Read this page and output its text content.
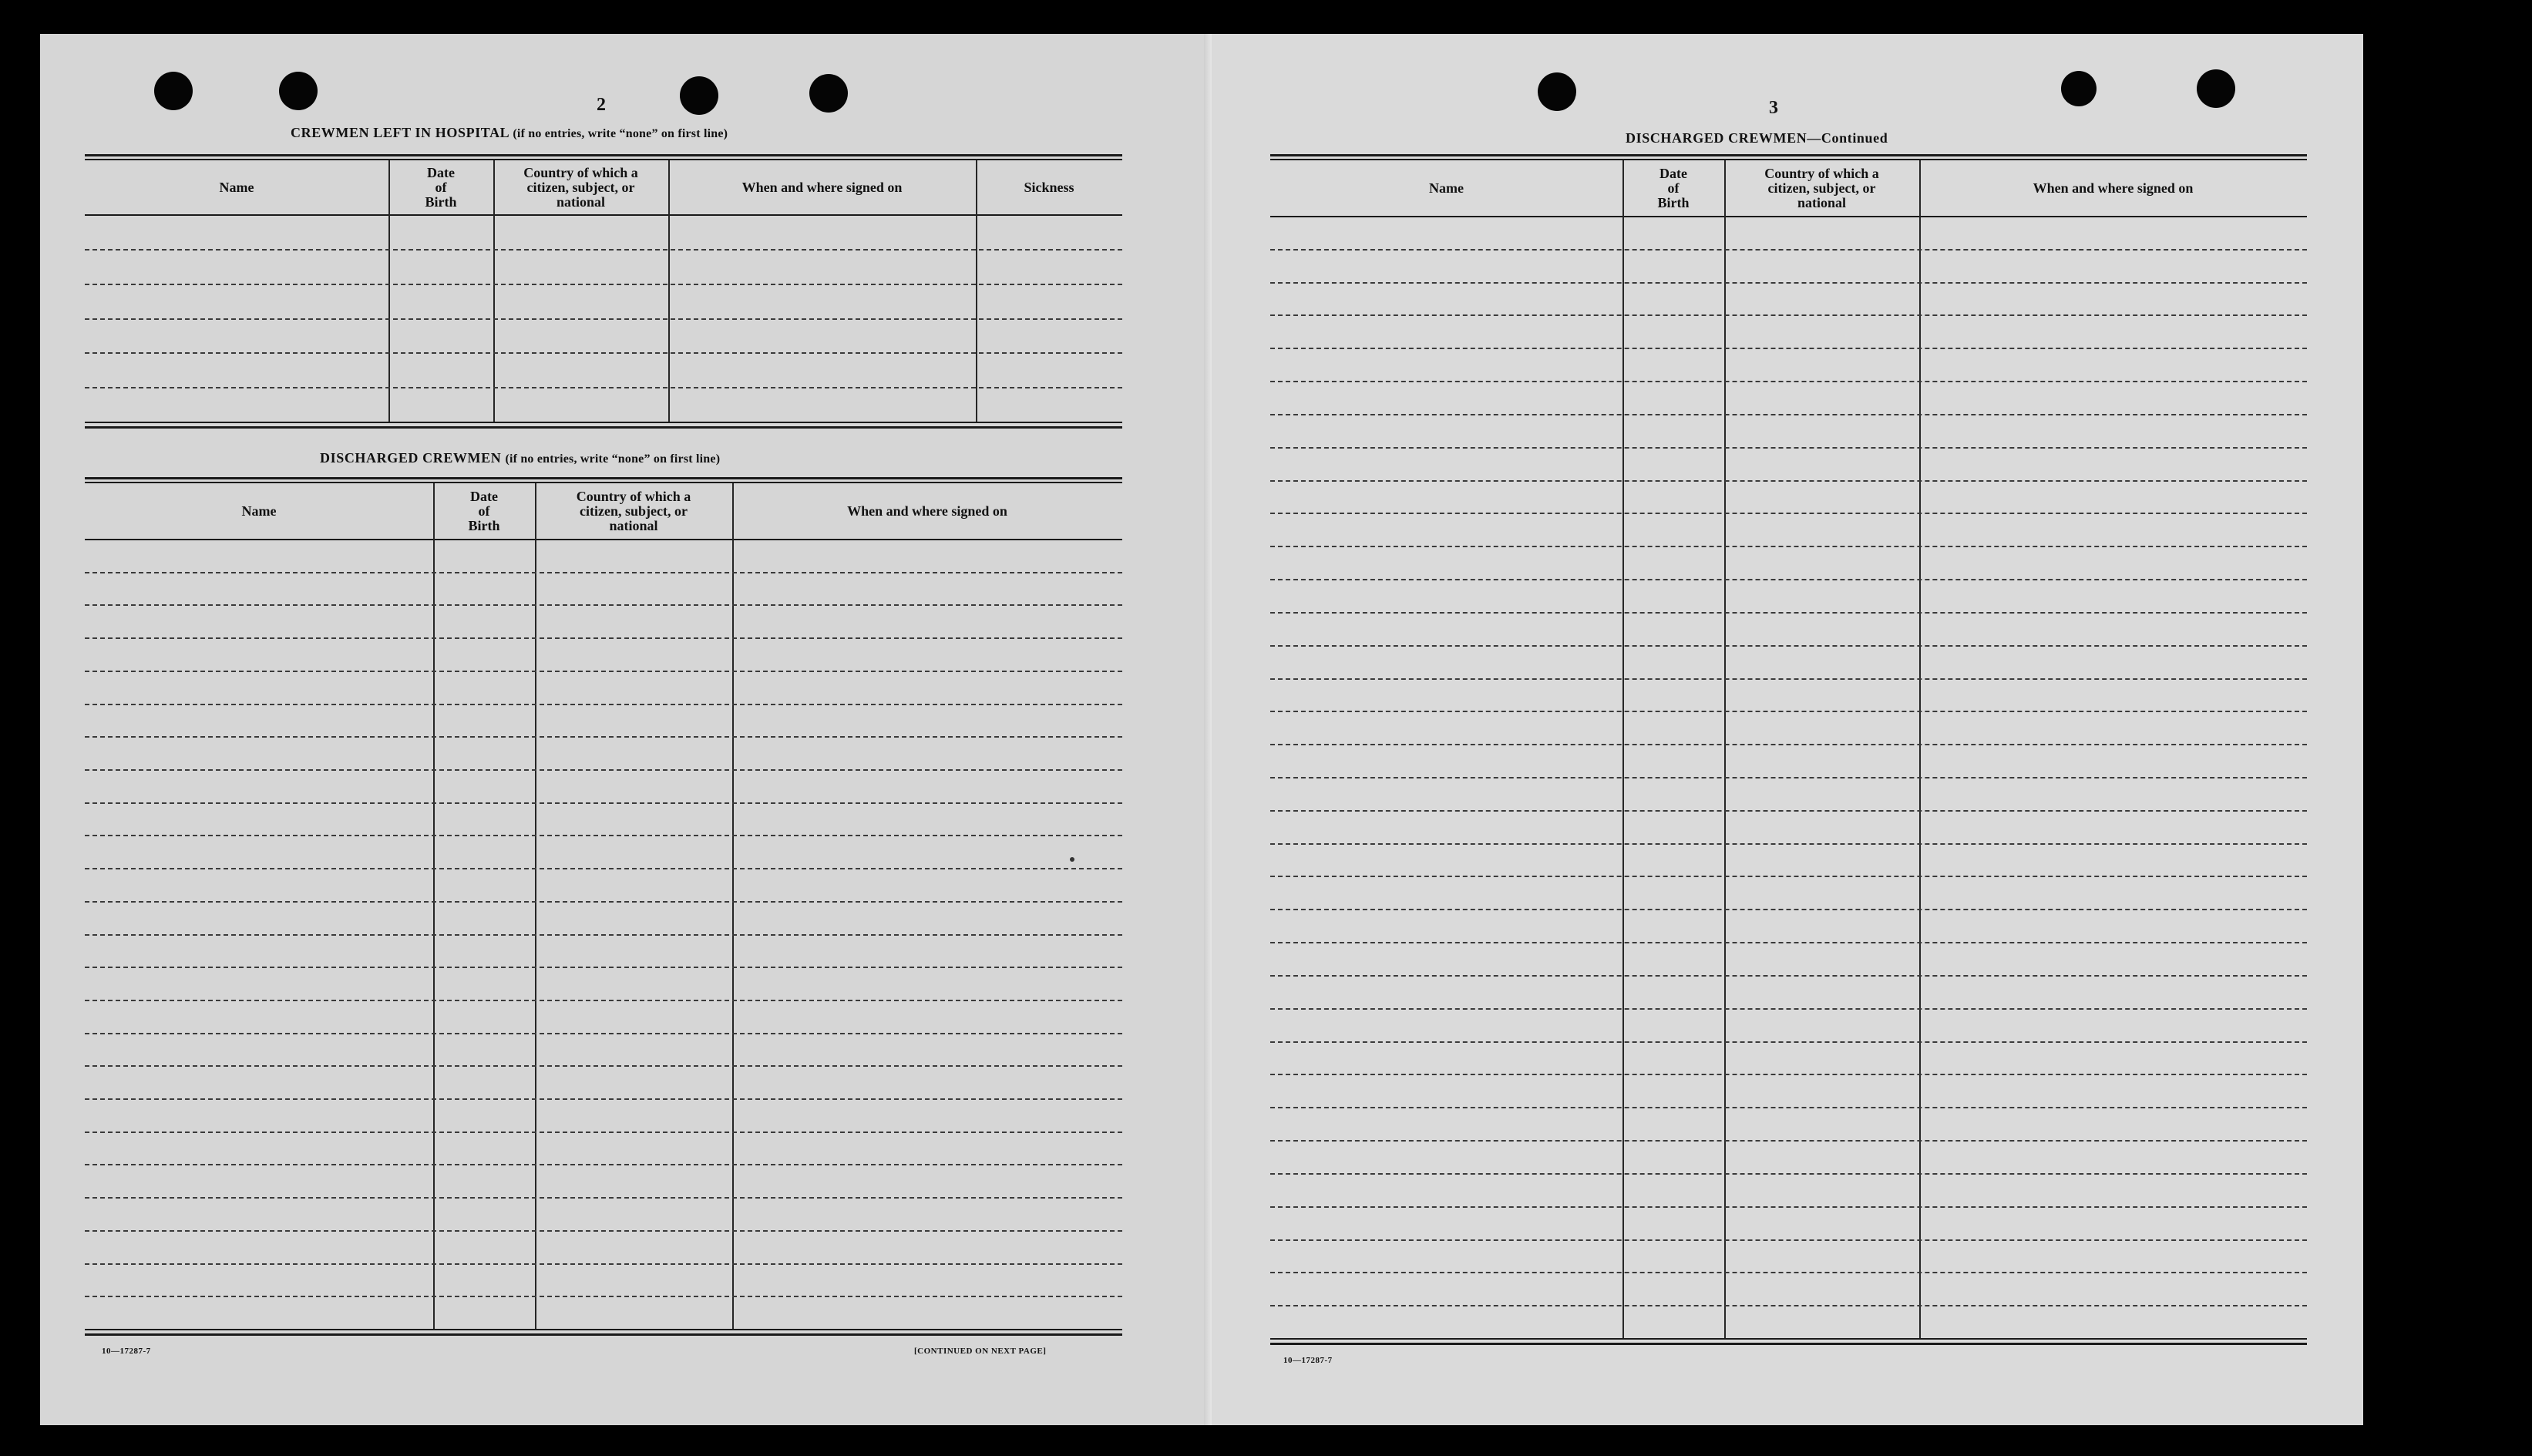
2
CREWMEN LEFT IN HOSPITAL (if no entries, write “none” on first line)
DISCHARGED CREWMEN (if no entries, write “none” on first line)
10—17287-7	[CONTINUED ON NEXT PAGE]
Name
Date
of
Birth
Country of which a
citizen, subject, or
national
When and where signed on	Sickness
Name
Date
of
Birth
Country of which a
citizen, subject, or
national
When and where signed on
3
DISCHARGED CREWMEN—Continued
10—17287-7
Name
Date
of
Birth
Country of which a
citizen, subject, or
national
When and where signed on
